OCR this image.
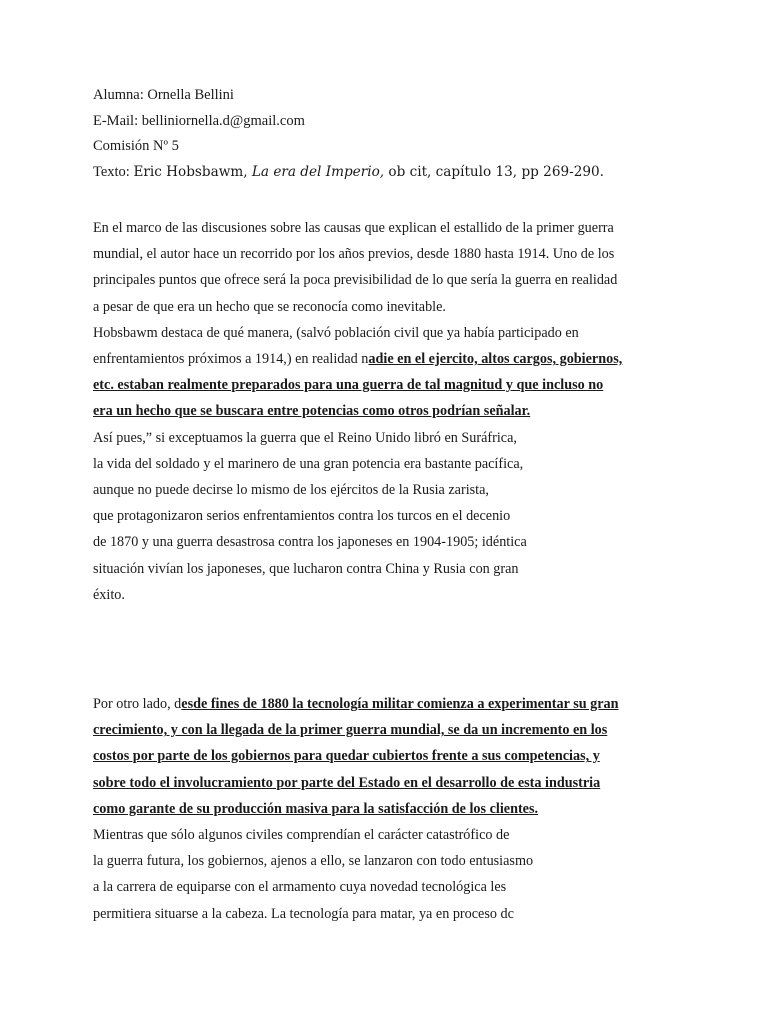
Alumna: Ornella Bellini
E-Mail: belliniornella.d@gmail.com
Comisión Nº 5
Texto: Eric Hobsbawm, La era del Imperio, ob cit, capítulo 13, pp 269-290.
En el marco de las discusiones sobre las causas que explican el estallido de la primer guerra
mundial, el autor hace un recorrido por los años previos, desde 1880 hasta 1914. Uno de los
principales puntos que ofrece será la poca previsibilidad de lo que sería la guerra en realidad
a pesar de que era un hecho que se reconocía como inevitable.
Hobsbawm destaca de qué manera, (salvó población civil que ya había participado en
enfrentamientos próximos a 1914,) en realidad nadie en el ejercito, altos cargos, gobiernos,
etc. estaban realmente preparados para una guerra de tal magnitud y que incluso no
era un hecho que se buscara entre potencias como otros podrían señalar.
Así pues,” si exceptuamos la guerra que el Reino Unido libró en Suráfrica,
la vida del soldado y el marinero de una gran potencia era bastante pacífica,
aunque no puede decirse lo mismo de los ejércitos de la Rusia zarista,
que protagonizaron serios enfrentamientos contra los turcos en el decenio
de 1870 y una guerra desastrosa contra los japoneses en 1904-1905; idéntica
situación vivían los japoneses, que lucharon contra China y Rusia con gran
éxito.
Por otro lado, desde fines de 1880 la tecnología militar comienza a experimentar su gran
crecimiento, y con la llegada de la primer guerra mundial, se da un incremento en los
costos por parte de los gobiernos para quedar cubiertos frente a sus competencias, y
sobre todo el involucramiento por parte del Estado en el desarrollo de esta industria
como garante de su producción masiva para la satisfacción de los clientes.
Mientras que sólo algunos civiles comprendían el carácter catastrófico de
la guerra futura, los gobiernos, ajenos a ello, se lanzaron con todo entusiasmo
a la carrera de equiparse con el armamento cuya novedad tecnológica les
permitiera situarse a la cabeza. La tecnología para matar, ya en proceso dc
